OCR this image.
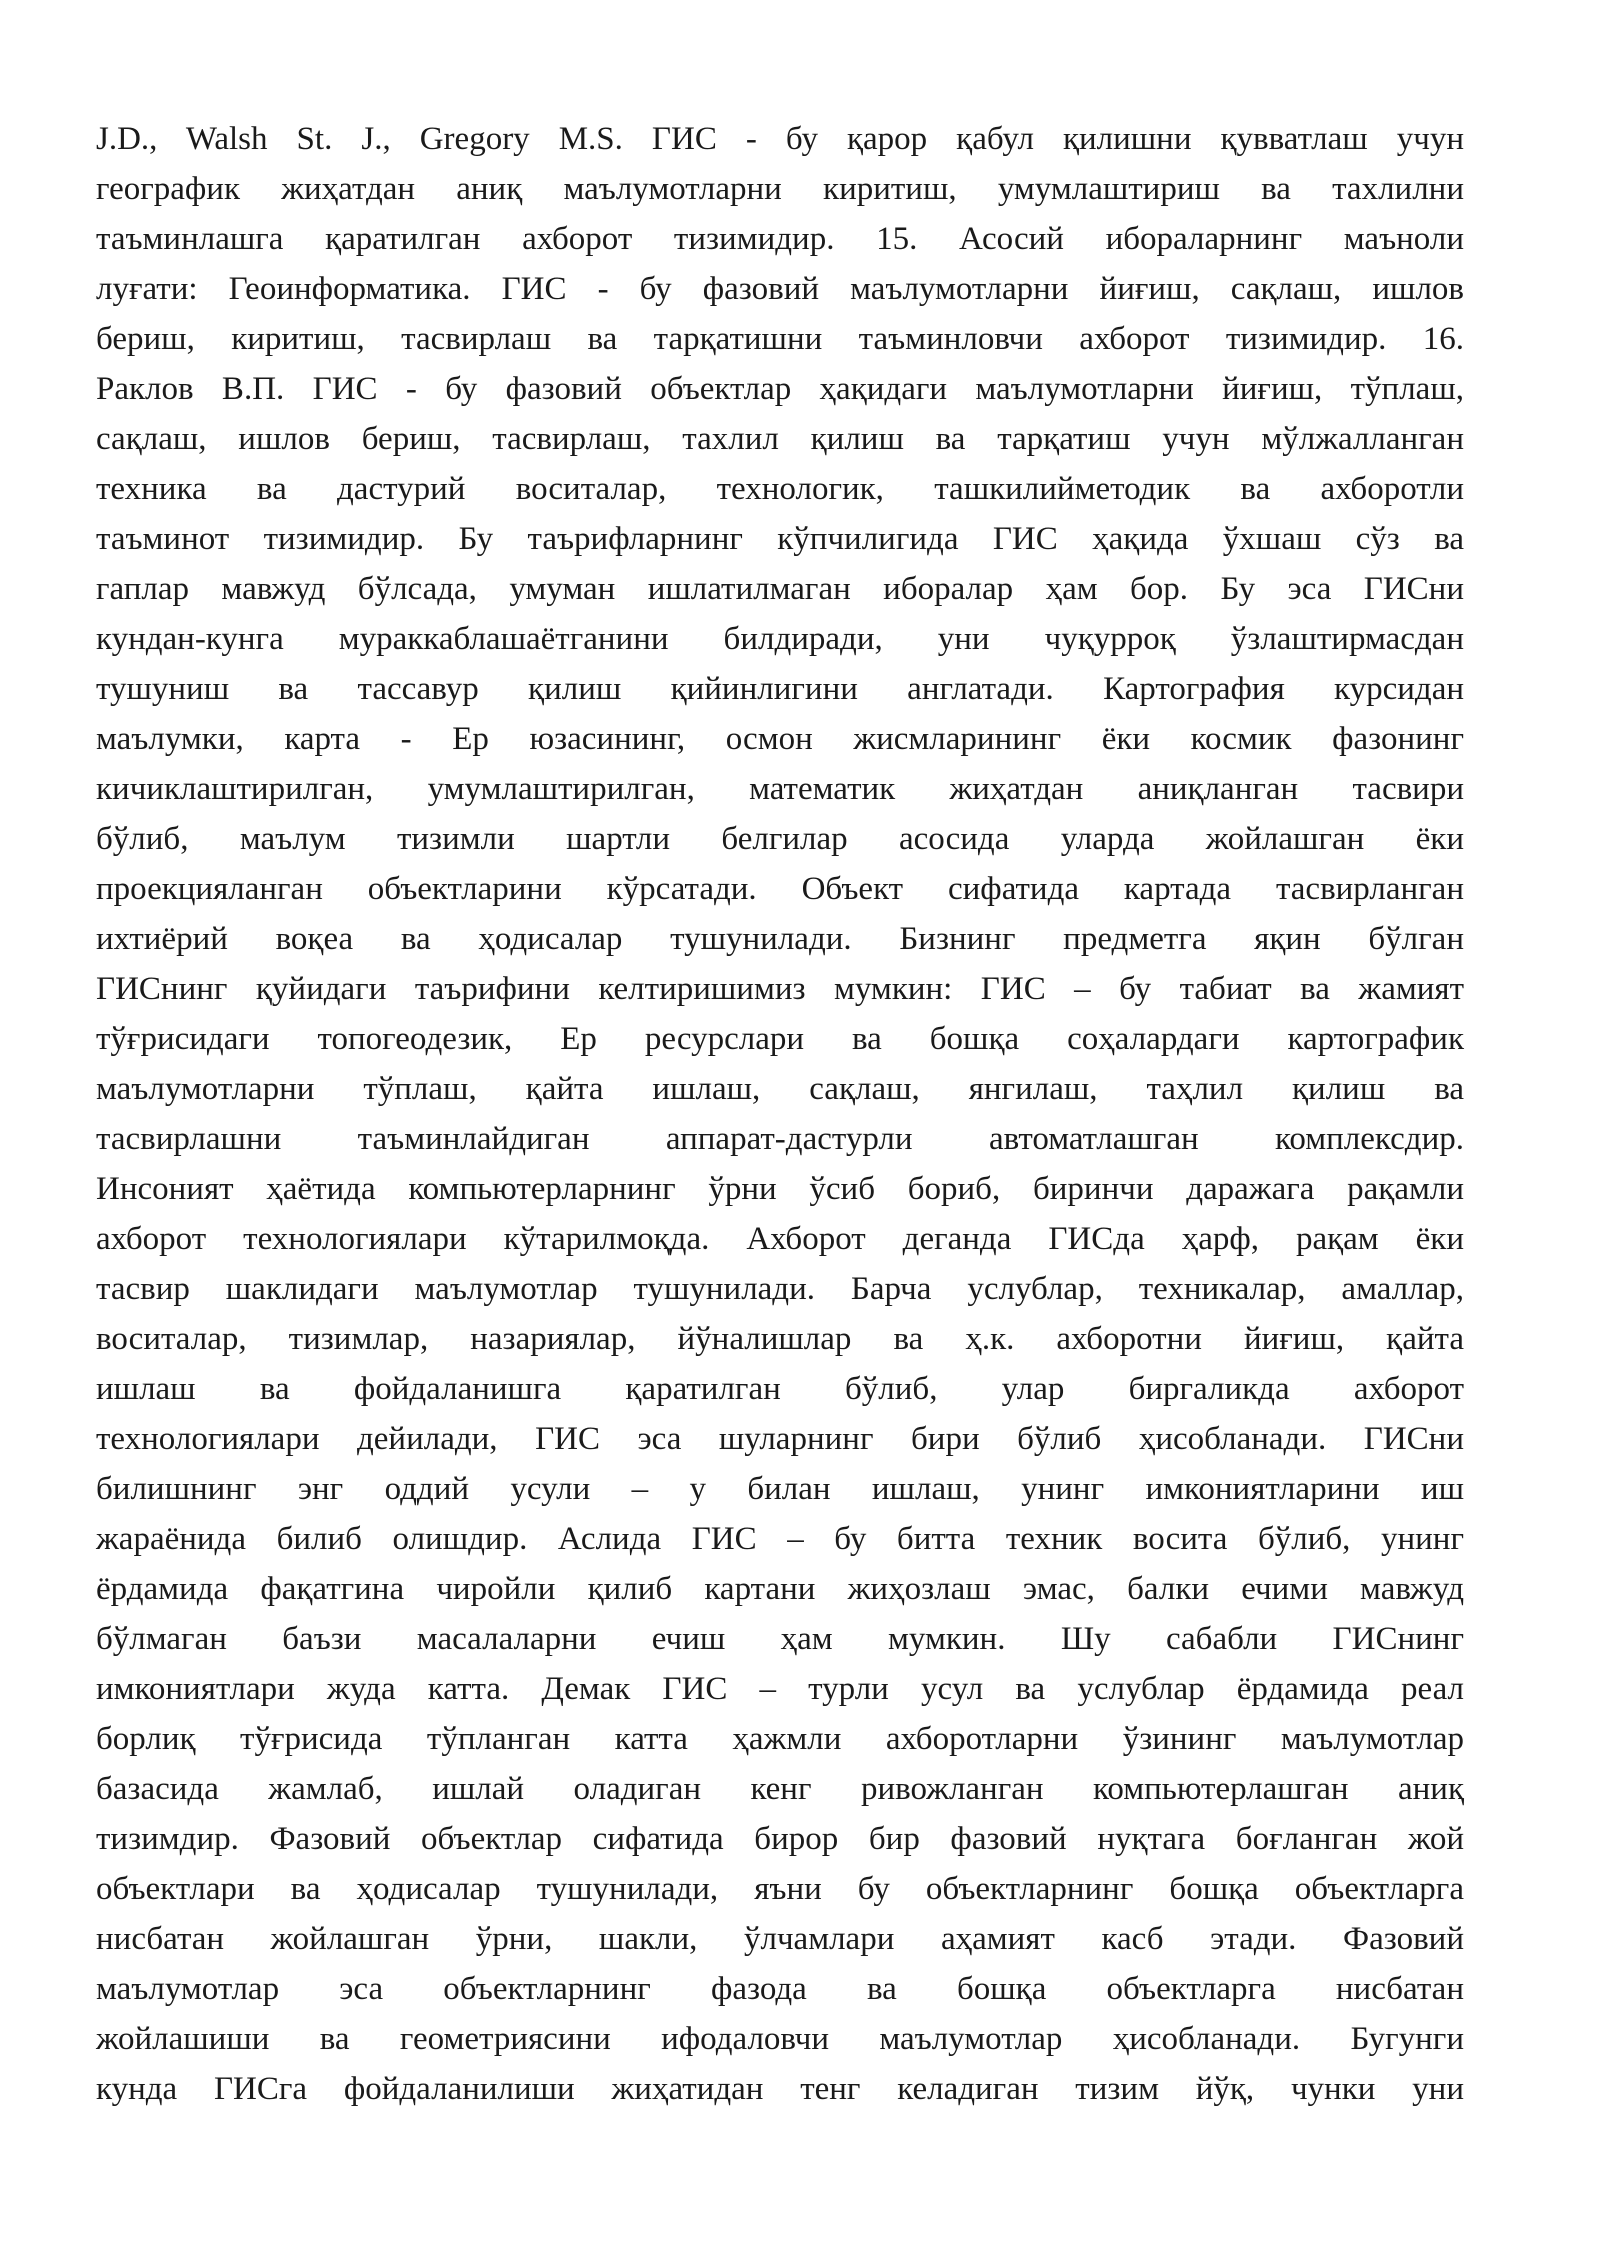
J.D., Walsh St. J., Gregory M.S. ГИС - бу қарор қабул қилишни қувватлаш учун
географик жиҳатдан аниқ маълумотларни киритиш, умумлаштириш ва тахлилни
таъминлашга қаратилган ахборот тизимидир. 15. Асосий ибораларнинг маъноли
луғати: Геоинформатика. ГИС - бу фазовий маълумотларни йиғиш, сақлаш, ишлов
бериш, киритиш, тасвирлаш ва тарқатишни таъминловчи ахборот тизимидир. 16.
Раклов В.П. ГИС - бу фазовий объектлар ҳақидаги маълумотларни йиғиш, тўплаш,
сақлаш, ишлов бериш, тасвирлаш, тахлил қилиш ва тарқатиш учун мўлжалланган
техника ва дастурий воситалар, технологик, ташкилийметодик ва ахборотли
таъминот тизимидир. Бу таърифларнинг кўпчилигида ГИС ҳақида ўхшаш сўз ва
гаплар мавжуд бўлсада, умуман ишлатилмаган иборалар ҳам бор. Бу эса ГИСни
кундан-кунга мураккаблашаётганини билдиради, уни чуқурроқ ўзлаштирмасдан
тушуниш ва тассавур қилиш қийинлигини англатади. Картография курсидан
маълумки, карта - Ер юзасининг, осмон жисмларининг ёки космик фазонинг
кичиклаштирилган, умумлаштирилган, математик жиҳатдан аниқланган тасвири
бўлиб, маълум тизимли шартли белгилар асосида уларда жойлашган ёки
проекцияланган объектларини кўрсатади. Объект сифатида картада тасвирланган
ихтиёрий воқеа ва ҳодисалар тушунилади. Бизнинг предметга яқин бўлган
ГИСнинг қуйидаги таърифини келтиришимиз мумкин: ГИС – бу табиат ва жамият
тўғрисидаги топогеодезик, Ер ресурслари ва бошқа соҳалардаги картографик
маълумотларни тўплаш, қайта ишлаш, сақлаш, янгилаш, таҳлил қилиш ва
тасвирлашни таъминлайдиган аппарат-дастурли автоматлашган комплексдир.
Инсоният ҳаётида компьютерларнинг ўрни ўсиб бориб, биринчи даражага рақамли
ахборот технологиялари кўтарилмоқда. Ахборот деганда ГИСда ҳарф, рақам ёки
тасвир шаклидаги маълумотлар тушунилади. Барча услублар, техникалар, амаллар,
воситалар, тизимлар, назариялар, йўналишлар ва ҳ.к. ахборотни йиғиш, қайта
ишлаш ва фойдаланишга қаратилган бўлиб, улар биргаликда ахборот
технологиялари дейилади, ГИС эса шуларнинг бири бўлиб ҳисобланади. ГИСни
билишнинг энг оддий усули – у билан ишлаш, унинг имкониятларини иш
жараёнида билиб олишдир. Аслида ГИС – бу битта техник восита бўлиб, унинг
ёрдамида фақатгина чиройли қилиб картани жиҳозлаш эмас, балки ечими мавжуд
бўлмаган баъзи масалаларни ечиш ҳам мумкин. Шу сабабли ГИСнинг
имкониятлари жуда катта. Демак ГИС – турли усул ва услублар ёрдамида реал
борлиқ тўғрисида тўпланган катта ҳажмли ахборотларни ўзининг маълумотлар
базасида жамлаб, ишлай оладиган кенг ривожланган компьютерлашган аниқ
тизимдир. Фазовий объектлар сифатида бирор бир фазовий нуқтага боғланган жой
объектлари ва ҳодисалар тушунилади, яъни бу объектларнинг бошқа объектларга
нисбатан жойлашган ўрни, шакли, ўлчамлари аҳамият касб этади. Фазовий
маълумотлар эса объектларнинг фазода ва бошқа объектларга нисбатан
жойлашиши ва геометриясини ифодаловчи маълумотлар ҳисобланади. Бугунги
кунда ГИСга фойдаланилиши жиҳатидан тенг келадиган тизим йўқ, чунки уни
